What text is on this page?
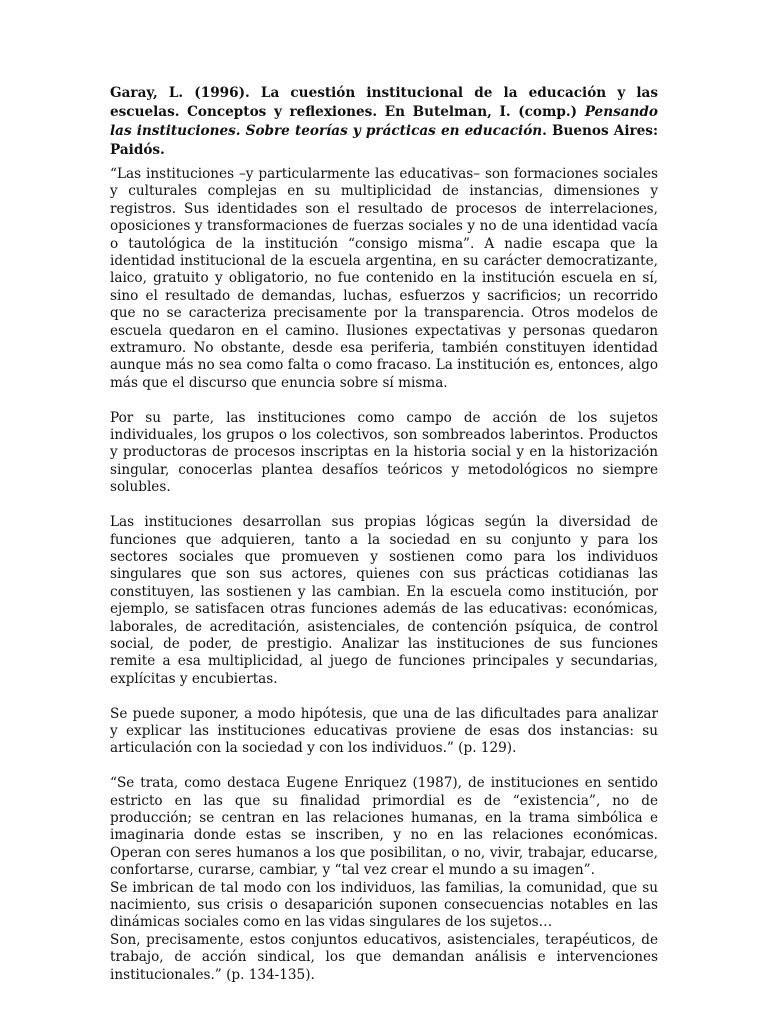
Garay, L. (1996). La cuestión institucional de la educación y las escuelas. Conceptos y reflexiones. En Butelman, I. (comp.) Pensando las instituciones. Sobre teorías y prácticas en educación. Buenos Aires: Paidós.

“Las instituciones –y particularmente las educativas– son formaciones sociales y culturales complejas en su multiplicidad de instancias, dimensiones y registros. Sus identidades son el resultado de procesos de interrelaciones, oposiciones y transformaciones de fuerzas sociales y no de una identidad vacía o tautológica de la institución “consigo misma”. A nadie escapa que la identidad institucional de la escuela argentina, en su carácter democratizante, laico, gratuito y obligatorio, no fue contenido en la institución escuela en sí, sino el resultado de demandas, luchas, esfuerzos y sacrificios; un recorrido que no se caracteriza precisamente por la transparencia. Otros modelos de escuela quedaron en el camino. Ilusiones expectativas y personas quedaron extramuro. No obstante, desde esa periferia, también constituyen identidad aunque más no sea como falta o como fracaso. La institución es, entonces, algo más que el discurso que enuncia sobre sí misma.

Por su parte, las instituciones como campo de acción de los sujetos individuales, los grupos o los colectivos, son sombreados laberintos. Productos y productoras de procesos inscriptas en la historia social y en la historización singular, conocerlas plantea desafíos teóricos y metodológicos no siempre solubles.

Las instituciones desarrollan sus propias lógicas según la diversidad de funciones que adquieren, tanto a la sociedad en su conjunto y para los sectores sociales que promueven y sostienen como para los individuos singulares que son sus actores, quienes con sus prácticas cotidianas las constituyen, las sostienen y las cambian. En la escuela como institución, por ejemplo, se satisfacen otras funciones además de las educativas: económicas, laborales, de acreditación, asistenciales, de contención psíquica, de control social, de poder, de prestigio. Analizar las instituciones de sus funciones remite a esa multiplicidad, al juego de funciones principales y secundarias, explícitas y encubiertas.

Se puede suponer, a modo hipótesis, que una de las dificultades para analizar y explicar las instituciones educativas proviene de esas dos instancias: su articulación con la sociedad y con los individuos.” (p. 129).

“Se trata, como destaca Eugene Enriquez (1987), de instituciones en sentido estricto en las que su finalidad primordial es de “existencia”, no de producción; se centran en las relaciones humanas, en la trama simbólica e imaginaria donde estas se inscriben, y no en las relaciones económicas. Operan con seres humanos a los que posibilitan, o no, vivir, trabajar, educarse, confortarse, curarse, cambiar, y “tal vez crear el mundo a su imagen”.

Se imbrican de tal modo con los individuos, las familias, la comunidad, que su nacimiento, sus crisis o desaparición suponen consecuencias notables en las dinámicas sociales como en las vidas singulares de los sujetos…

Son, precisamente, estos conjuntos educativos, asistenciales, terapéuticos, de trabajo, de acción sindical, los que demandan análisis e intervenciones institucionales.” (p. 134-135).
